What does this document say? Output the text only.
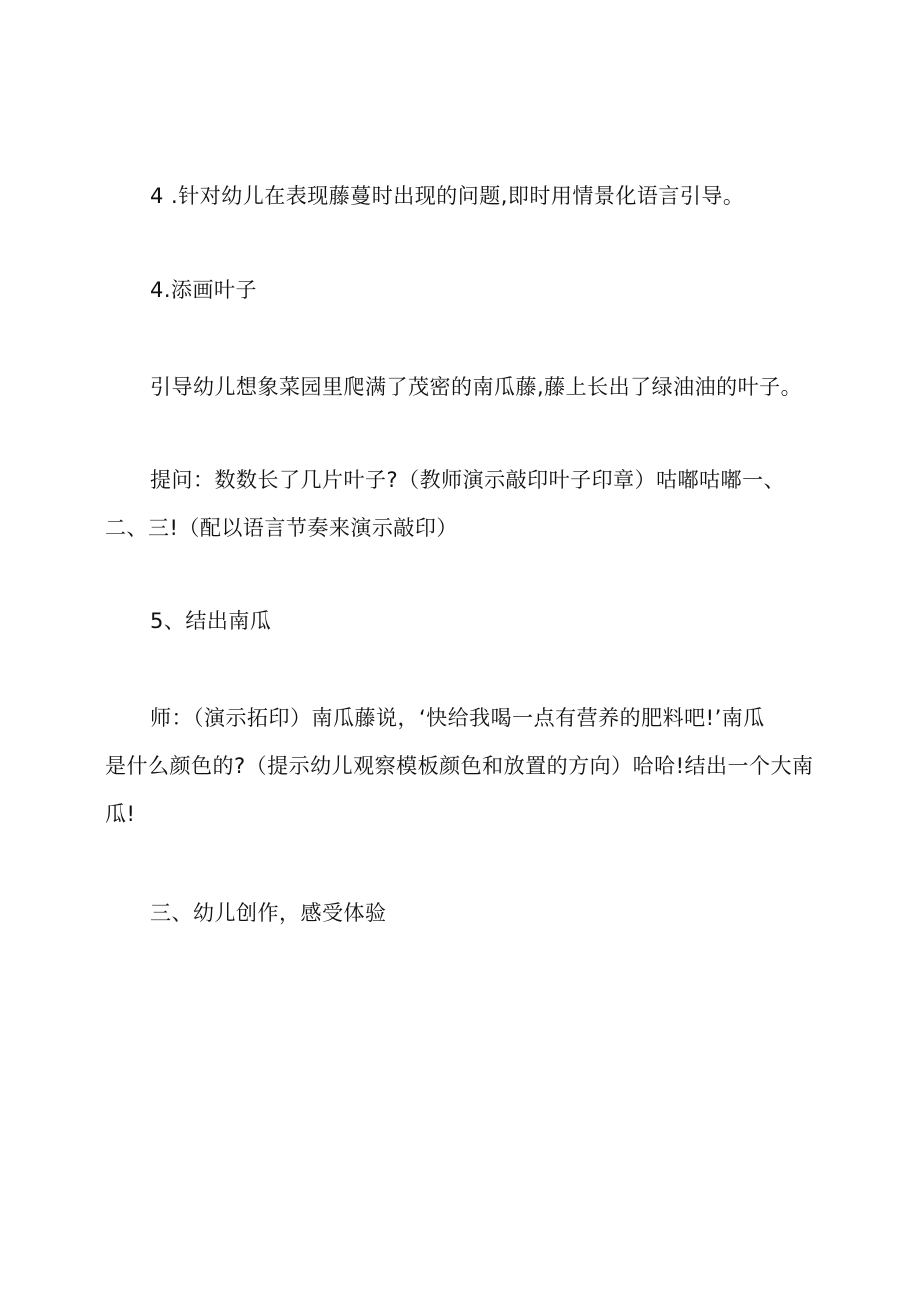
4 .针对幼儿在表现藤蔓时出现的问题,即时用情景化语言引导。

4.添画叶子

引导幼儿想象菜园里爬满了茂密的南瓜藤,藤上长出了绿油油的叶子。

提问：数数长了几片叶子?（教师演示敲印叶子印章）咕嘟咕嘟一、

二、三!（配以语言节奏来演示敲印）

5、结出南瓜

师：（演示拓印）南瓜藤说，‘快给我喝一点有营养的肥料吧!’南瓜

是什么颜色的?（提示幼儿观察模板颜色和放置的方向）哈哈!结出一个大南

瓜!

三、幼儿创作，感受体验
